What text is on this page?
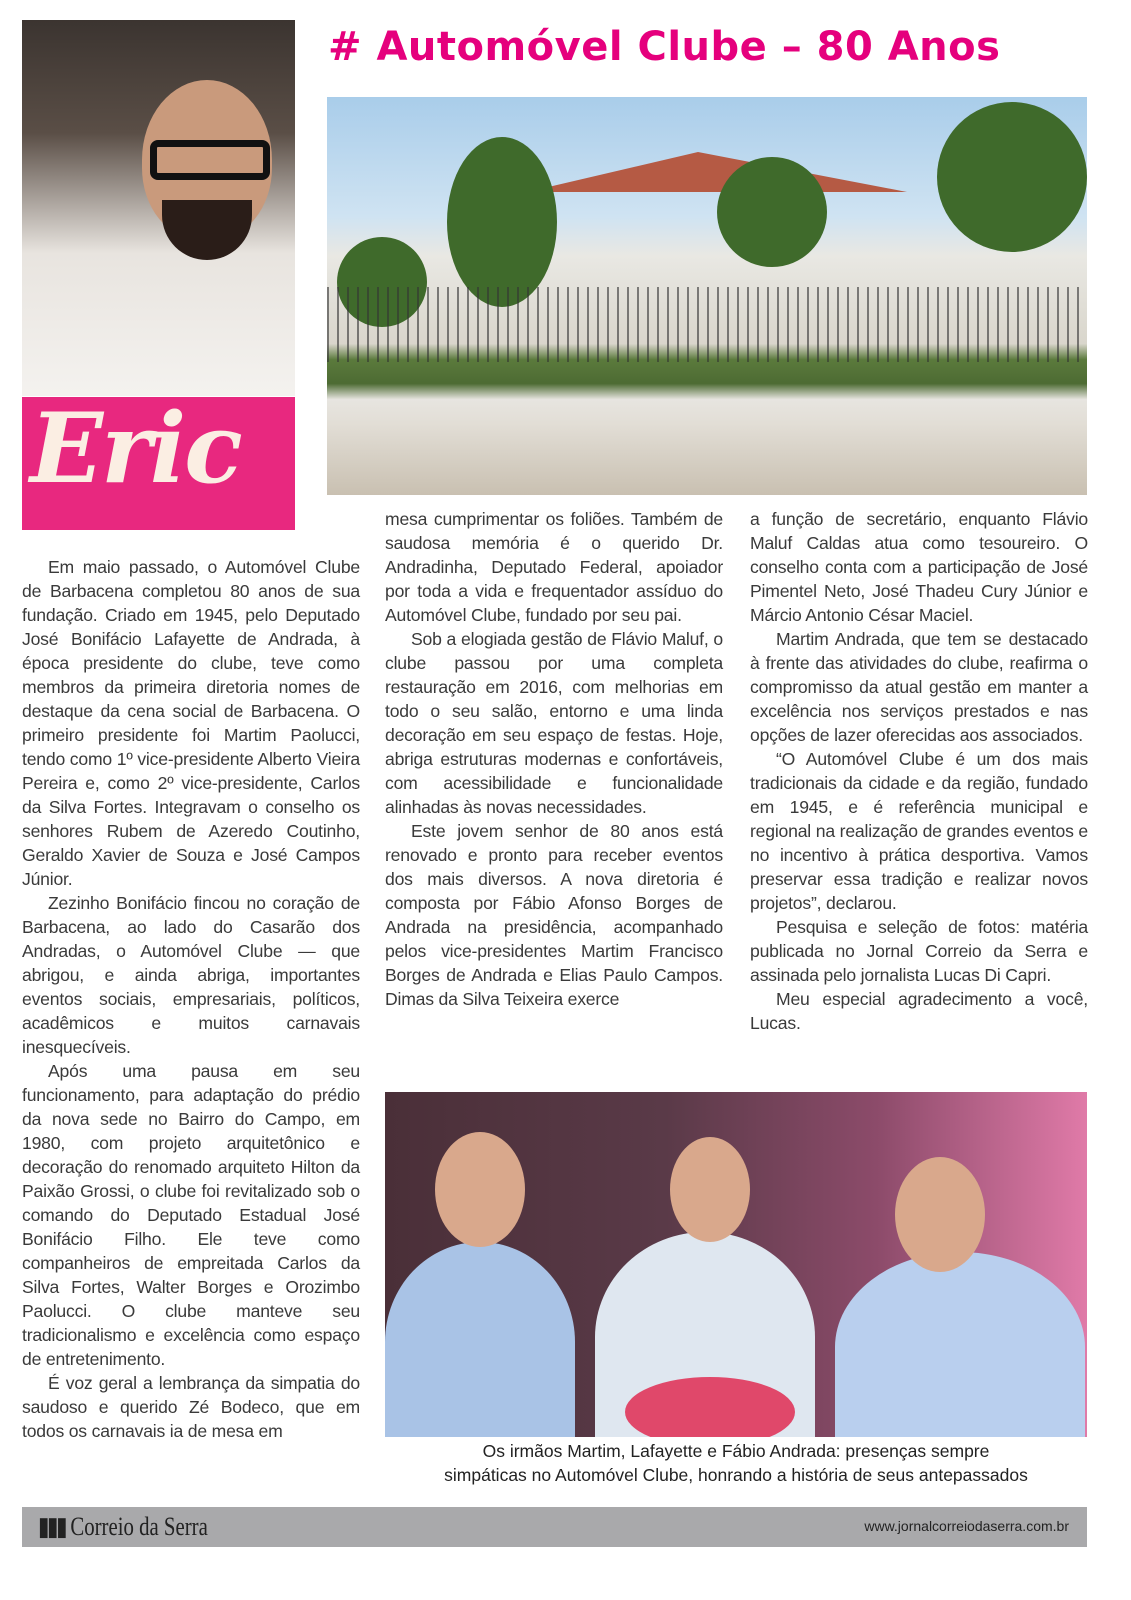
# Automóvel Clube – 80 Anos
Eric

Em maio passado, o Automóvel Clube de Barbacena completou 80 anos de sua fundação. Criado em 1945, pelo Deputado José Bonifácio Lafayette de Andrada, à época presidente do clube, teve como membros da primeira diretoria nomes de destaque da cena social de Barbacena. O primeiro presidente foi Martim Paolucci, tendo como 1º vice-presidente Alberto Vieira Pereira e, como 2º vice-presidente, Carlos da Silva Fortes. Integravam o conselho os senhores Rubem de Azeredo Coutinho, Geraldo Xavier de Souza e José Campos Júnior.

Zezinho Bonifácio fincou no coração de Barbacena, ao lado do Casarão dos Andradas, o Automóvel Clube — que abrigou, e ainda abriga, importantes eventos sociais, empresariais, políticos, acadêmicos e muitos carnavais inesquecíveis.

Após uma pausa em seu funcionamento, para adaptação do prédio da nova sede no Bairro do Campo, em 1980, com projeto arquitetônico e decoração do renomado arquiteto Hilton da Paixão Grossi, o clube foi revitalizado sob o comando do Deputado Estadual José Bonifácio Filho. Ele teve como companheiros de empreitada Carlos da Silva Fortes, Walter Borges e Orozimbo Paolucci. O clube manteve seu tradicionalismo e excelência como espaço de entretenimento.

É voz geral a lembrança da simpatia do saudoso e querido Zé Bodeco, que em todos os carnavais ia de mesa em

mesa cumprimentar os foliões. Também de saudosa memória é o querido Dr. Andradinha, Deputado Federal, apoiador por toda a vida e frequentador assíduo do Automóvel Clube, fundado por seu pai.

Sob a elogiada gestão de Flávio Maluf, o clube passou por uma completa restauração em 2016, com melhorias em todo o seu salão, entorno e uma linda decoração em seu espaço de festas. Hoje, abriga estruturas modernas e confortáveis, com acessibilidade e funcionalidade alinhadas às novas necessidades.

Este jovem senhor de 80 anos está renovado e pronto para receber eventos dos mais diversos. A nova diretoria é composta por Fábio Afonso Borges de Andrada na presidência, acompanhado pelos vice-presidentes Martim Francisco Borges de Andrada e Elias Paulo Campos. Dimas da Silva Teixeira exerce

a função de secretário, enquanto Flávio Maluf Caldas atua como tesoureiro. O conselho conta com a participação de José Pimentel Neto, José Thadeu Cury Júnior e Márcio Antonio César Maciel.

Martim Andrada, que tem se destacado à frente das atividades do clube, reafirma o compromisso da atual gestão em manter a excelência nos serviços prestados e nas opções de lazer oferecidas aos associados.

“O Automóvel Clube é um dos mais tradicionais da cidade e da região, fundado em 1945, e é referência municipal e regional na realização de grandes eventos e no incentivo à prática desportiva. Vamos preservar essa tradição e realizar novos projetos”, declarou.

Pesquisa e seleção de fotos: matéria publicada no Jornal Correio da Serra e assinada pelo jornalista Lucas Di Capri.

Meu especial agradecimento a você, Lucas.

Os irmãos Martim, Lafayette e Fábio Andrada: presenças sempre
simpáticas no Automóvel Clube, honrando a história de seus antepassados
▮▮▮ Correio da Serra	www.jornalcorreiodaserra.com.br
